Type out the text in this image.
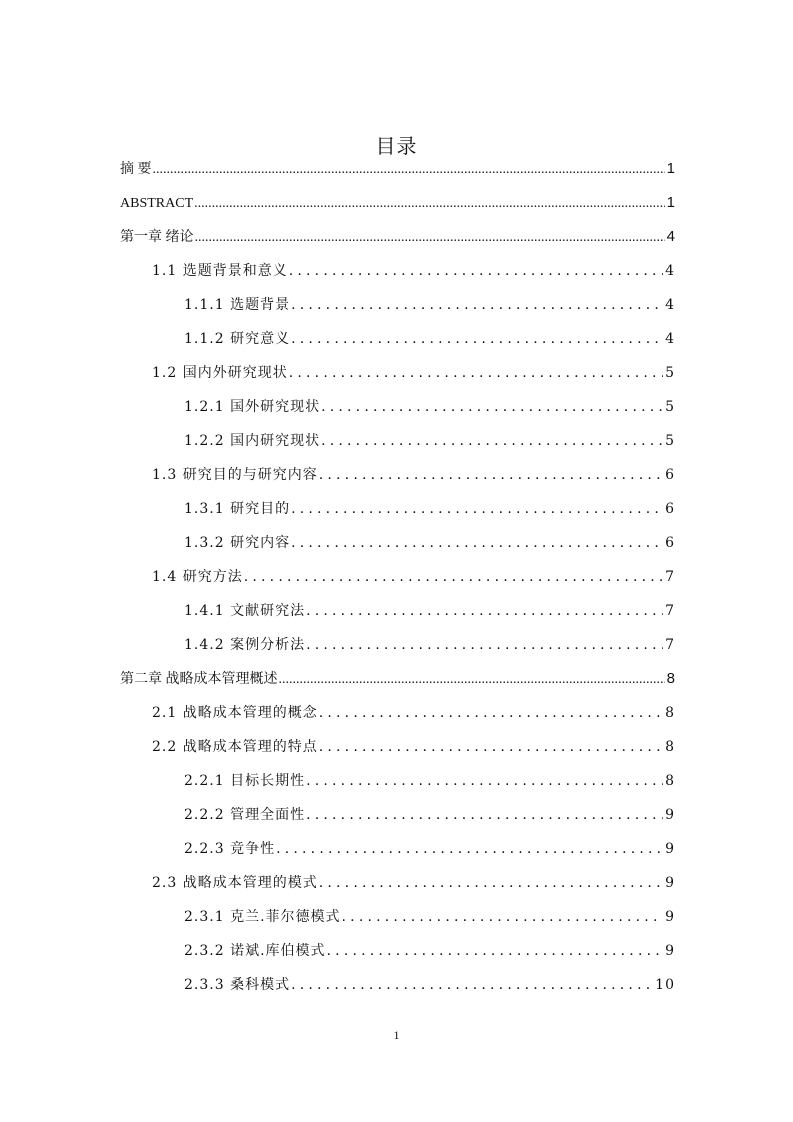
目录
摘 要 .....	1
ABSTRACT .....	1
第一章 绪论 .....	4
1.1 选题背景和意义 .....	4
1.1.1 选题背景 .....	4
1.1.2 研究意义 .....	4
1.2 国内外研究现状 .....	5
1.2.1 国外研究现状 .....	5
1.2.2 国内研究现状 .....	5
1.3 研究目的与研究内容 .....	6
1.3.1 研究目的 .....	6
1.3.2 研究内容 .....	6
1.4 研究方法 .....	7
1.4.1 文献研究法 .....	7
1.4.2 案例分析法 .....	7
第二章 战略成本管理概述 .....	8
2.1 战略成本管理的概念 .....	8
2.2 战略成本管理的特点 .....	8
2.2.1 目标长期性 .....	8
2.2.2 管理全面性 .....	9
2.2.3 竞争性 .....	9
2.3 战略成本管理的模式 .....	9
2.3.1 克兰.菲尔德模式 .....	9
2.3.2 诺斌.库伯模式 .....	9
2.3.3 桑科模式 .....	10
1
